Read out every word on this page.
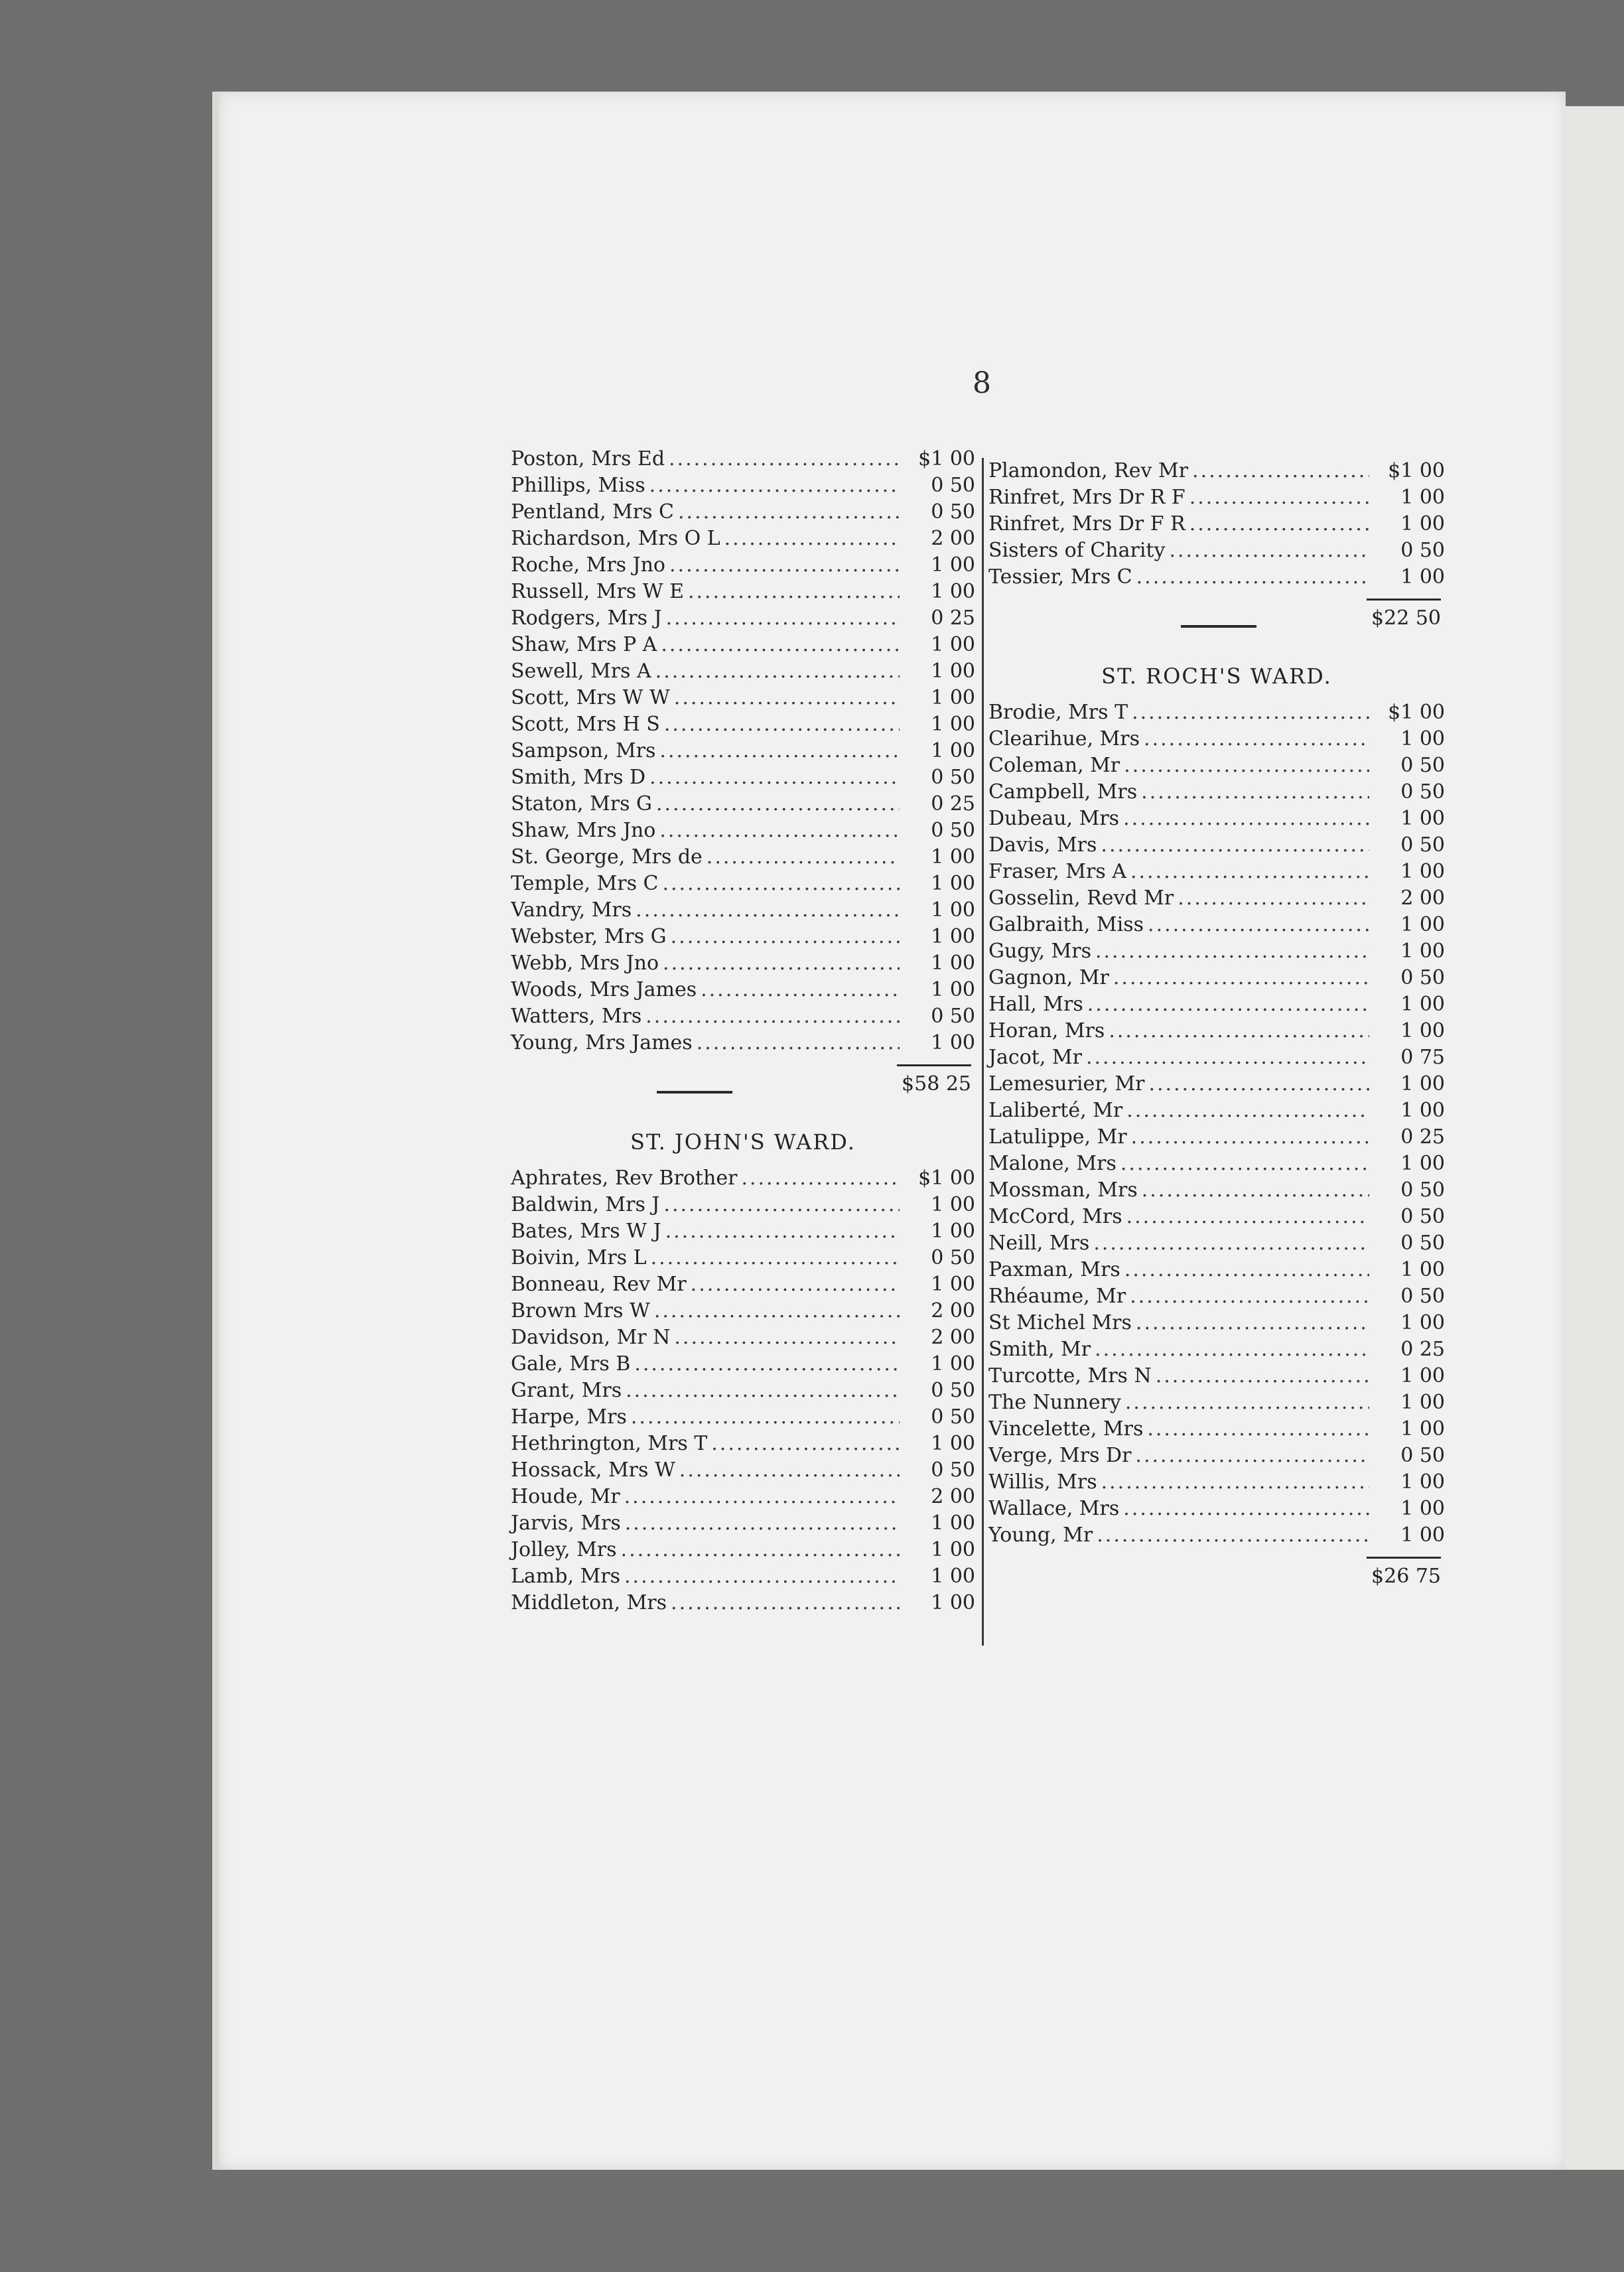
8
Poston, Mrs Ed .....	$1 00
Phillips, Miss .....	0 50
Pentland, Mrs C .....	0 50
Richardson, Mrs O L .....	2 00
Roche, Mrs Jno .....	1 00
Russell, Mrs W E .....	1 00
Rodgers, Mrs J .....	0 25
Shaw, Mrs P A .....	1 00
Sewell, Mrs A .....	1 00
Scott, Mrs W W .....	1 00
Scott, Mrs H S .....	1 00
Sampson, Mrs .....	1 00
Smith, Mrs D .....	0 50
Staton, Mrs G .....	0 25
Shaw, Mrs Jno .....	0 50
St. George, Mrs de .....	1 00
Temple, Mrs C .....	1 00
Vandry, Mrs .....	1 00
Webster, Mrs G .....	1 00
Webb, Mrs Jno .....	1 00
Woods, Mrs James .....	1 00
Watters, Mrs .....	0 50
Young, Mrs James .....	1 00
$58 25
ST. JOHN'S WARD.
Aphrates, Rev Brother .....	$1 00
Baldwin, Mrs J .....	1 00
Bates, Mrs W J .....	1 00
Boivin, Mrs L .....	0 50
Bonneau, Rev Mr .....	1 00
Brown Mrs W .....	2 00
Davidson, Mr N .....	2 00
Gale, Mrs B .....	1 00
Grant, Mrs .....	0 50
Harpe, Mrs .....	0 50
Hethrington, Mrs T .....	1 00
Hossack, Mrs W .....	0 50
Houde, Mr .....	2 00
Jarvis, Mrs .....	1 00
Jolley, Mrs .....	1 00
Lamb, Mrs .....	1 00
Middleton, Mrs .....	1 00
Plamondon, Rev Mr .....	$1 00
Rinfret, Mrs Dr R F .....	1 00
Rinfret, Mrs Dr F R .....	1 00
Sisters of Charity .....	0 50
Tessier, Mrs C .....	1 00
$22 50
ST. ROCH'S WARD.
Brodie, Mrs T .....	$1 00
Clearihue, Mrs .....	1 00
Coleman, Mr .....	0 50
Campbell, Mrs .....	0 50
Dubeau, Mrs .....	1 00
Davis, Mrs .....	0 50
Fraser, Mrs A .....	1 00
Gosselin, Revd Mr .....	2 00
Galbraith, Miss .....	1 00
Gugy, Mrs .....	1 00
Gagnon, Mr .....	0 50
Hall, Mrs .....	1 00
Horan, Mrs .....	1 00
Jacot, Mr .....	0 75
Lemesurier, Mr .....	1 00
Laliberté, Mr .....	1 00
Latulippe, Mr .....	0 25
Malone, Mrs .....	1 00
Mossman, Mrs .....	0 50
McCord, Mrs .....	0 50
Neill, Mrs .....	0 50
Paxman, Mrs .....	1 00
Rhéaume, Mr .....	0 50
St Michel Mrs .....	1 00
Smith, Mr .....	0 25
Turcotte, Mrs N .....	1 00
The Nunnery .....	1 00
Vincelette, Mrs .....	1 00
Verge, Mrs Dr .....	0 50
Willis, Mrs .....	1 00
Wallace, Mrs .....	1 00
Young, Mr .....	1 00
$26 75
